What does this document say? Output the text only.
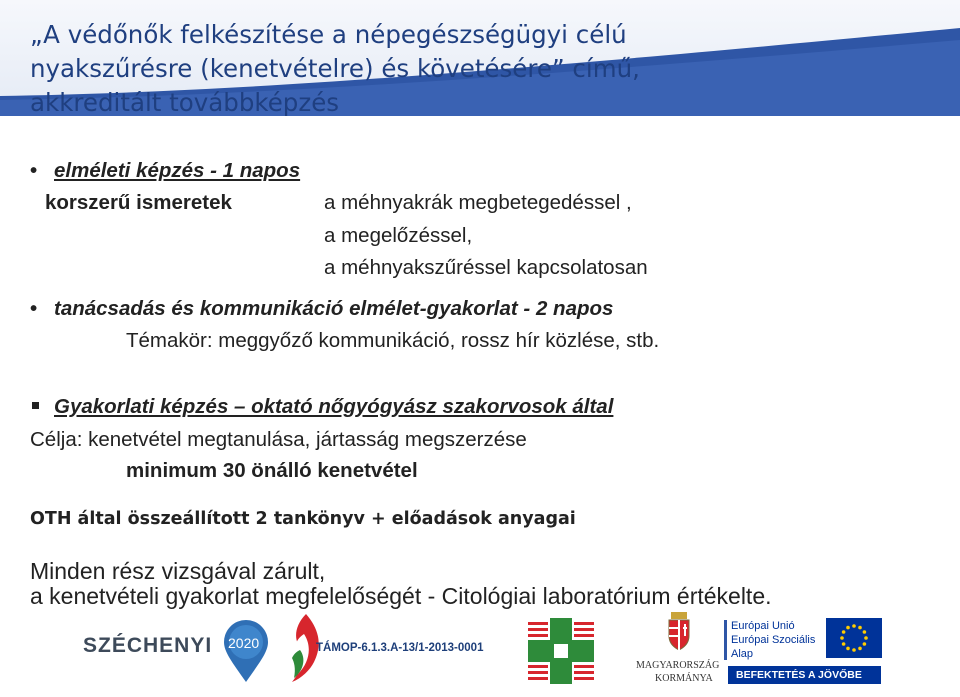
„A védőnők felkészítése a népegészségügyi célú
nyakszűrésre (kenetvételre) és követésére” című,
akkreditált továbbképzés
• elméleti képzés - 1 napos
korszerű ismeretek	a méhnyakrák megbetegedéssel ,
a megelőzéssel,
a méhnyakszűréssel kapcsolatosan
• tanácsadás és kommunikáció elmélet-gyakorlat - 2 napos
Témakör: meggyőző kommunikáció, rossz hír közlése, stb.
Gyakorlati képzés – oktató nőgyógyász szakorvosok által
Célja: kenetvétel megtanulása, jártasság megszerzése
minimum 30 önálló kenetvétel
OTH által összeállított 2 tankönyv + előadások anyagai
Minden rész vizsgával zárult,
a kenetvételi gyakorlat megfelelőségét - Citológiai laboratórium értékelte.
SZÉCHENYI 2020	TÁMOP-6.1.3.A-13/1-2013-0001
MAGYARORSZÁG
KORMÁNYA
Európai Unió
Európai Szociális
Alap
BEFEKTETÉS A JÖVŐBE
